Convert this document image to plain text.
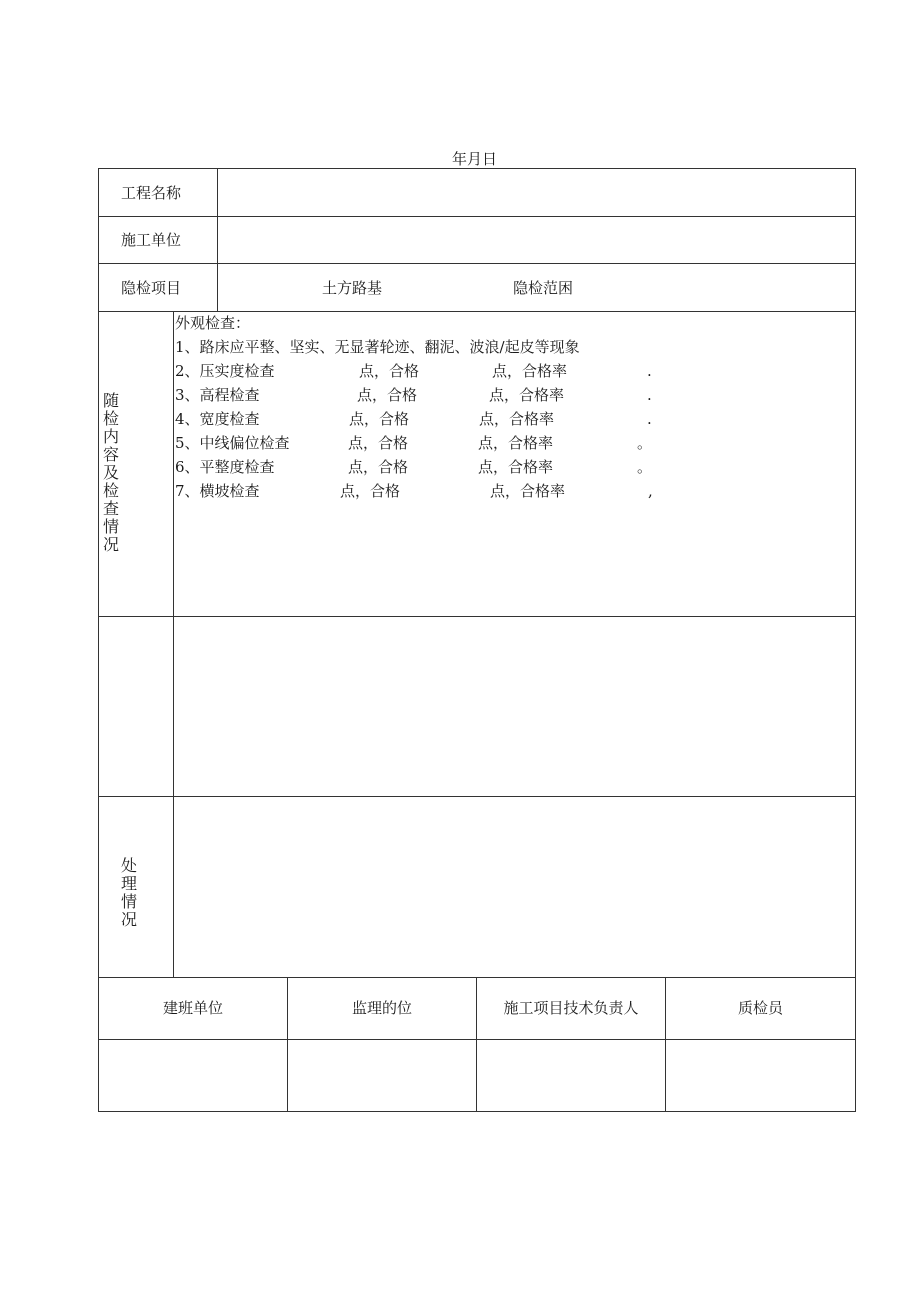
年月日
工程名称
施工单位
隐检项目	土方路基	隐检范困
随检内容及检查情况
外观检查：
1、路床应平整、坚实、无显著轮迹、翻泥、波浪/起皮等现象
2、压实度检查	点，合格	点，合格率	.
3、高程检查	点，合格	点，合格率	.
4、宽度检查	点，合格	点，合格率	.
5、中线偏位检查	点，合格	点，合格率	。
6、平整度检查	点，合格	点，合格率	。
7、横坡检查	点，合格	点，合格率	,
处理情况
建班单位	监理的位	施工项目技术负责人	质检员
